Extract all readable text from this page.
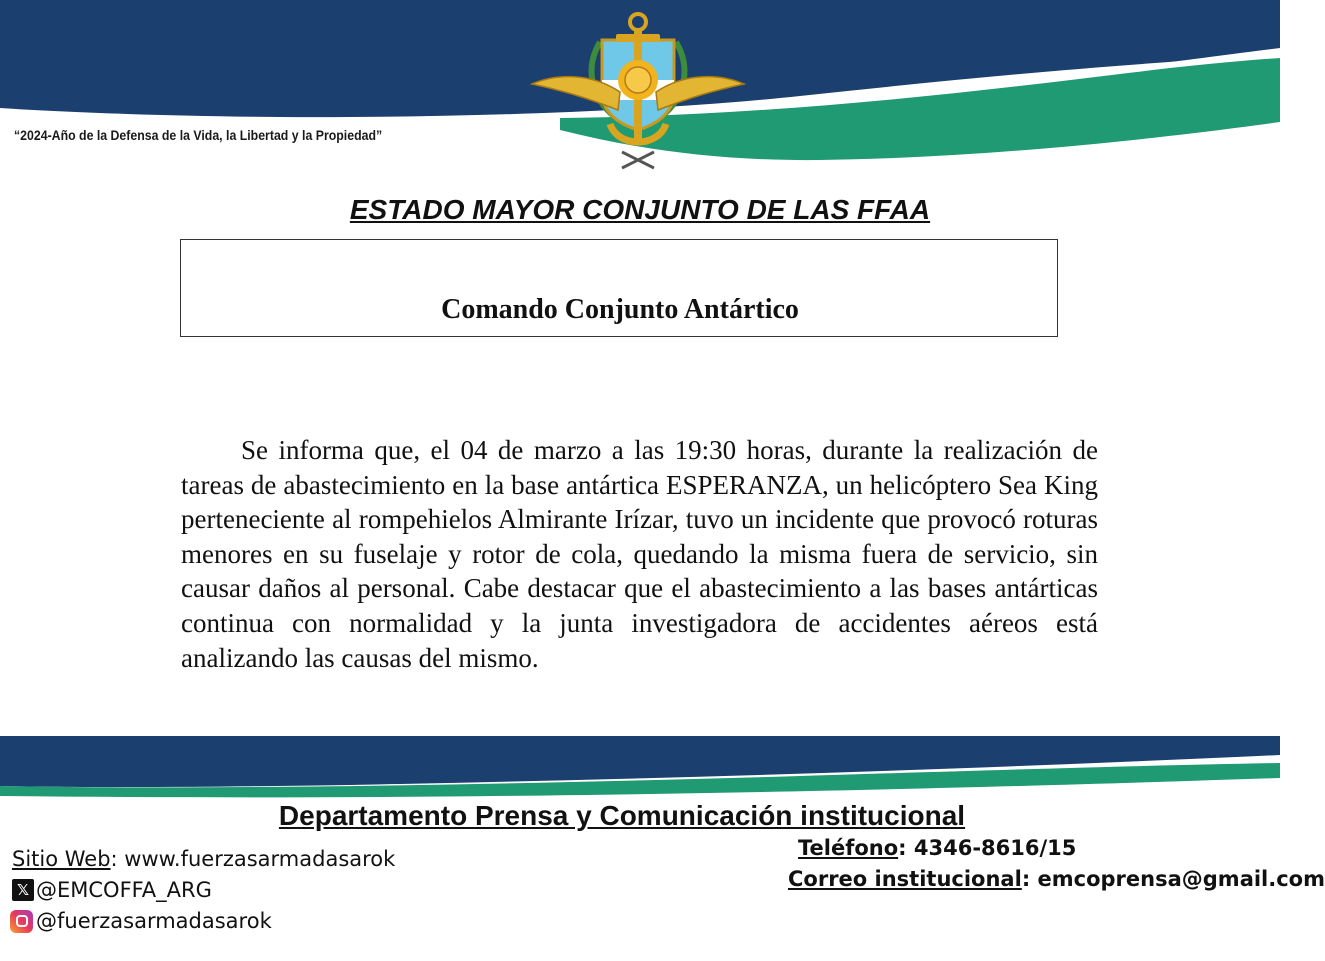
“2024-Año de la Defensa de la Vida, la Libertad y la Propiedad”
ESTADO MAYOR CONJUNTO DE LAS FFAA
Comando Conjunto Antártico

Se informa que, el 04 de marzo a las 19:30 horas, durante la realización de tareas de abastecimiento en la base antártica ESPERANZA, un helicóptero Sea King perteneciente al rompehielos Almirante Irízar, tuvo un incidente que provocó roturas menores en su fuselaje y rotor de cola, quedando la misma fuera de servicio, sin causar daños al personal. Cabe destacar que el abastecimiento a las bases antárticas continua con normalidad y la junta investigadora de accidentes aéreos está analizando las causas del mismo.

Departamento Prensa y Comunicación institucional
Sitio Web: www.fuerzasarmadasarok
𝕏 @EMCOFFA_ARG
@fuerzasarmadasarok
Teléfono: 4346-8616/15
Correo institucional: emcoprensa@gmail.com
